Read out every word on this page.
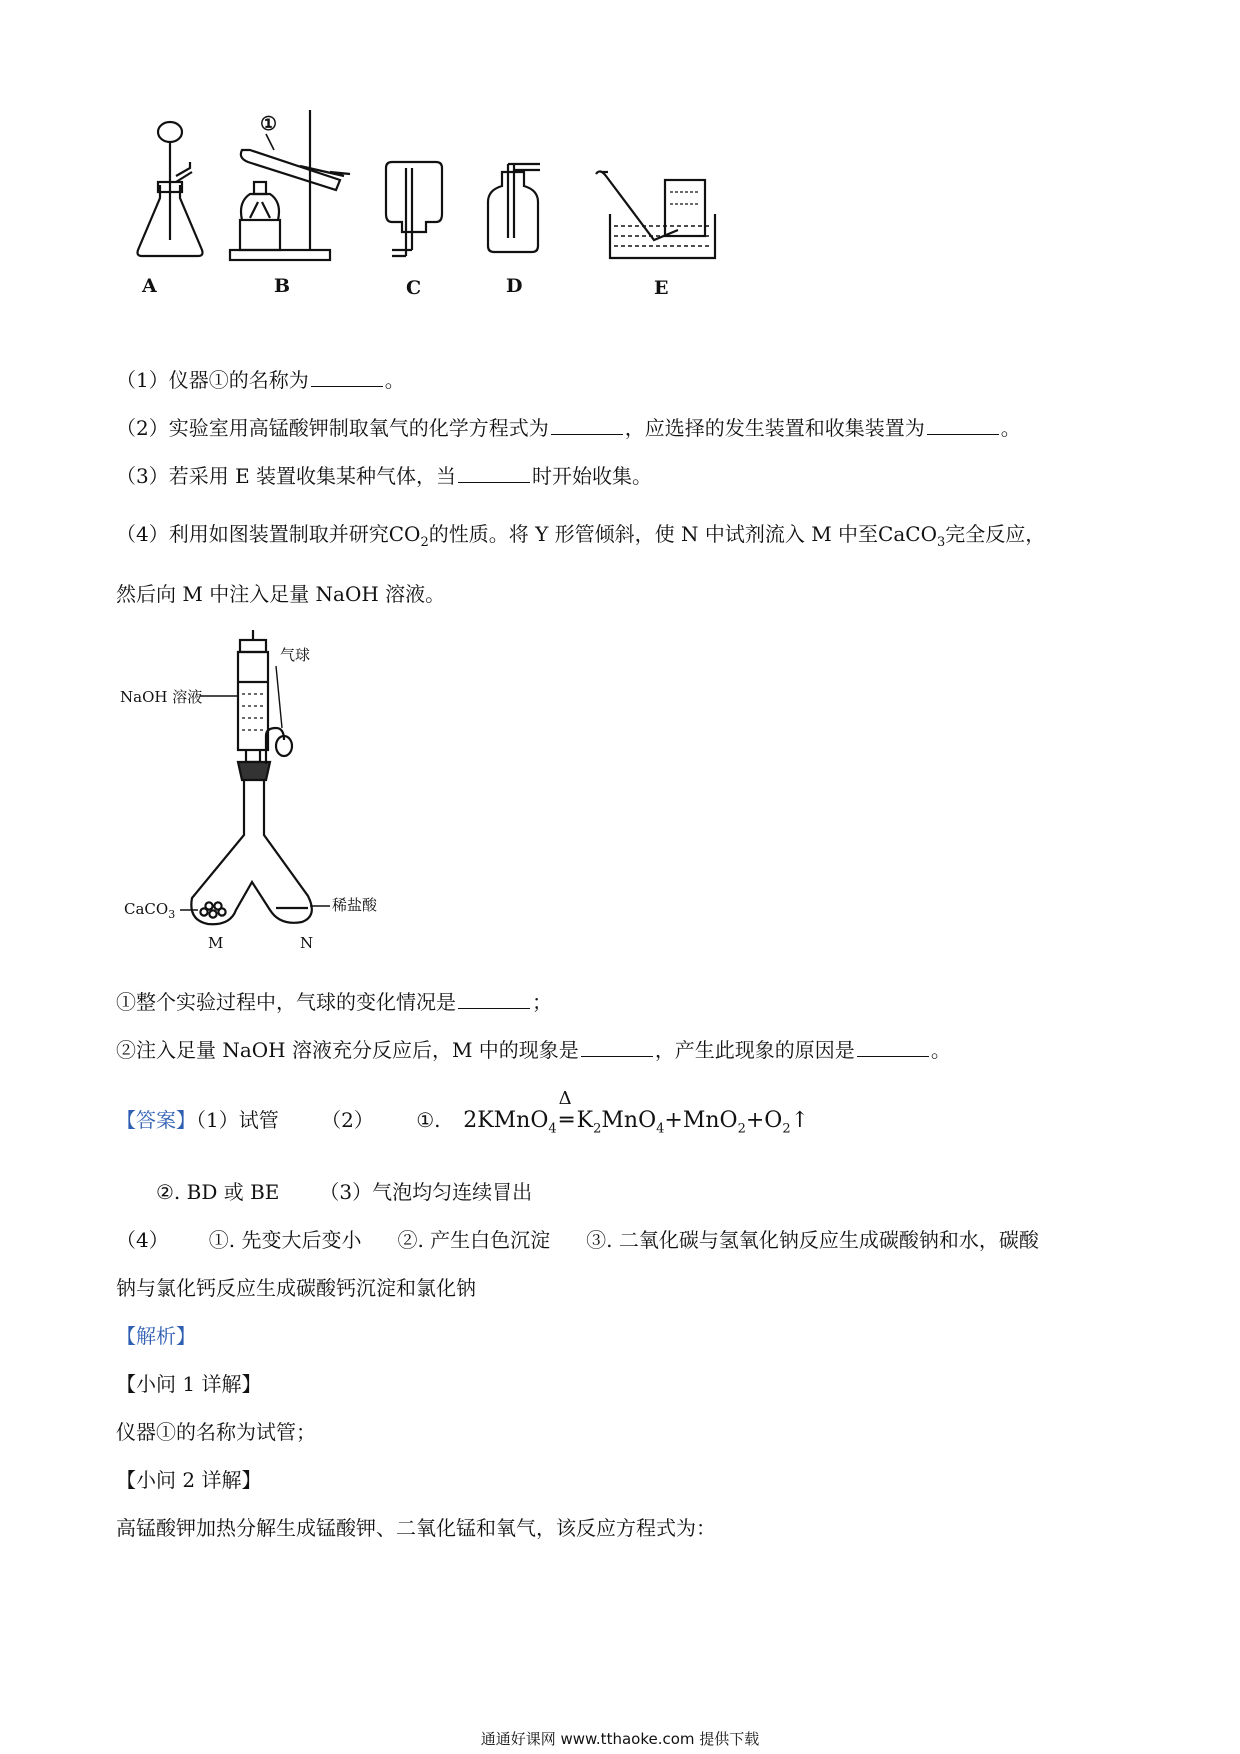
①
A	B	C	D	E
（1）仪器①的名称为	。
（2）实验室用高锰酸钾制取氧气的化学方程式为	，应选择的发生装置和收集装置为	。
（3）若采用 E 装置收集某种气体，当	时开始收集。
（4）利用如图装置制取并研究$CO_2$的性质。将 Y 形管倾斜，使 N 中试剂流入 M 中至CaCO$_3$完全反应，
然后向 M 中注入足量 NaOH 溶液。
NaOH 溶液
气球
CaCO$_3$
稀盐酸
M	N
①整个实验过程中，气球的变化情况是	；
②注入足量 NaOH 溶液充分反应后，M 中的现象是	，产生此现象的原因是	。
【答案】（1）试管 （2） ①. 2KMnO$_4$
Δ
═ $K_2MnO_4+MnO_2+O_2↑$
②. BD 或 BE （3）气泡均匀连续冒出
（4） ①. 先变大后变小 ②. 产生白色沉淀 ③. 二氧化碳与氢氧化钠反应生成碳酸钠和水，碳酸
钠与氯化钙反应生成碳酸钙沉淀和氯化钠
【解析】
【小问 1 详解】
仪器①的名称为试管；
【小问 2 详解】
高锰酸钾加热分解生成锰酸钾、二氧化锰和氧气，该反应方程式为：
通通好课网 www.tthaoke.com 提供下载
